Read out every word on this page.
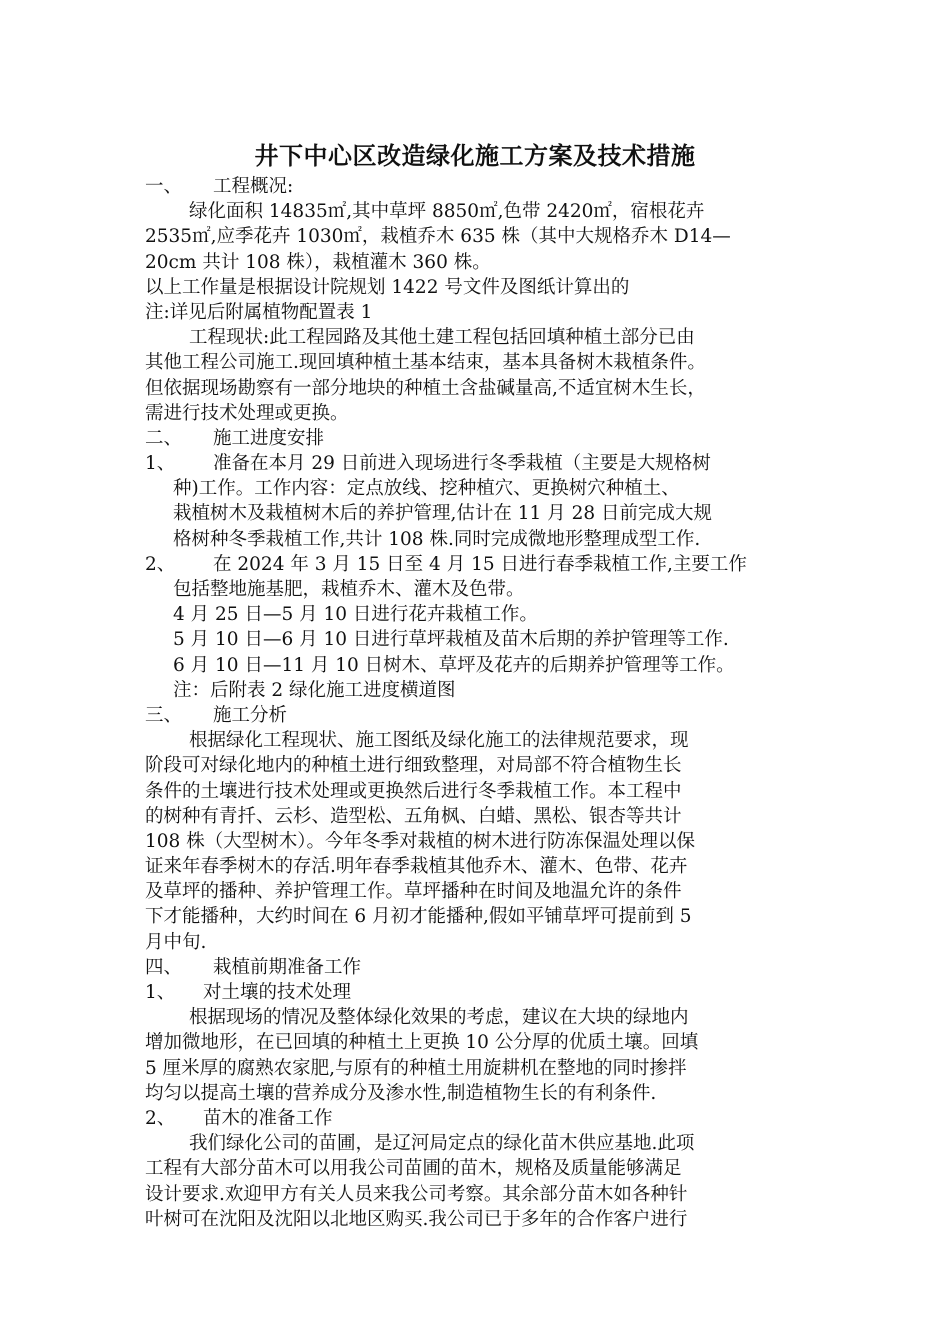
井下中心区改造绿化施工方案及技术措施
一、 工程概况:
绿化面积 14835㎡,其中草坪 8850㎡,色带 2420㎡，宿根花卉
2535㎡,应季花卉 1030㎡，栽植乔木 635 株（其中大规格乔木 D14—
20cm 共计 108 株），栽植灌木 360 株。
以上工作量是根据设计院规划 1422 号文件及图纸计算出的
注:详见后附属植物配置表 1
工程现状:此工程园路及其他土建工程包括回填种植土部分已由
其他工程公司施工.现回填种植土基本结束，基本具备树木栽植条件。
但依据现场勘察有一部分地块的种植土含盐碱量高,不适宜树木生长，
需进行技术处理或更换。
二、 施工进度安排
1、 准备在本月 29 日前进入现场进行冬季栽植（主要是大规格树
种)工作。工作内容：定点放线、挖种植穴、更换树穴种植土、
栽植树木及栽植树木后的养护管理,估计在 11 月 28 日前完成大规
格树种冬季栽植工作,共计 108 株.同时完成微地形整理成型工作.
2、 在 2024 年 3 月 15 日至 4 月 15 日进行春季栽植工作,主要工作
包括整地施基肥，栽植乔木、灌木及色带。
4 月 25 日—5 月 10 日进行花卉栽植工作。
5 月 10 日—6 月 10 日进行草坪栽植及苗木后期的养护管理等工作.
6 月 10 日—11 月 10 日树木、草坪及花卉的后期养护管理等工作。
注：后附表 2 绿化施工进度横道图
三、 施工分析
根据绿化工程现状、施工图纸及绿化施工的法律规范要求，现
阶段可对绿化地内的种植土进行细致整理，对局部不符合植物生长
条件的土壤进行技术处理或更换然后进行冬季栽植工作。本工程中
的树种有青扦、云杉、造型松、五角枫、白蜡、黑松、银杏等共计
108 株（大型树木）。今年冬季对栽植的树木进行防冻保温处理以保
证来年春季树木的存活.明年春季栽植其他乔木、灌木、色带、花卉
及草坪的播种、养护管理工作。草坪播种在时间及地温允许的条件
下才能播种，大约时间在 6 月初才能播种,假如平铺草坪可提前到 5
月中旬.
四、 栽植前期准备工作
1、 对土壤的技术处理
根据现场的情况及整体绿化效果的考虑，建议在大块的绿地内
增加微地形，在已回填的种植土上更换 10 公分厚的优质土壤。回填
5 厘米厚的腐熟农家肥,与原有的种植土用旋耕机在整地的同时掺拌
均匀以提高土壤的营养成分及渗水性,制造植物生长的有利条件.
2、 苗木的准备工作
我们绿化公司的苗圃，是辽河局定点的绿化苗木供应基地.此项
工程有大部分苗木可以用我公司苗圃的苗木，规格及质量能够满足
设计要求.欢迎甲方有关人员来我公司考察。其余部分苗木如各种针
叶树可在沈阳及沈阳以北地区购买.我公司已于多年的合作客户进行
